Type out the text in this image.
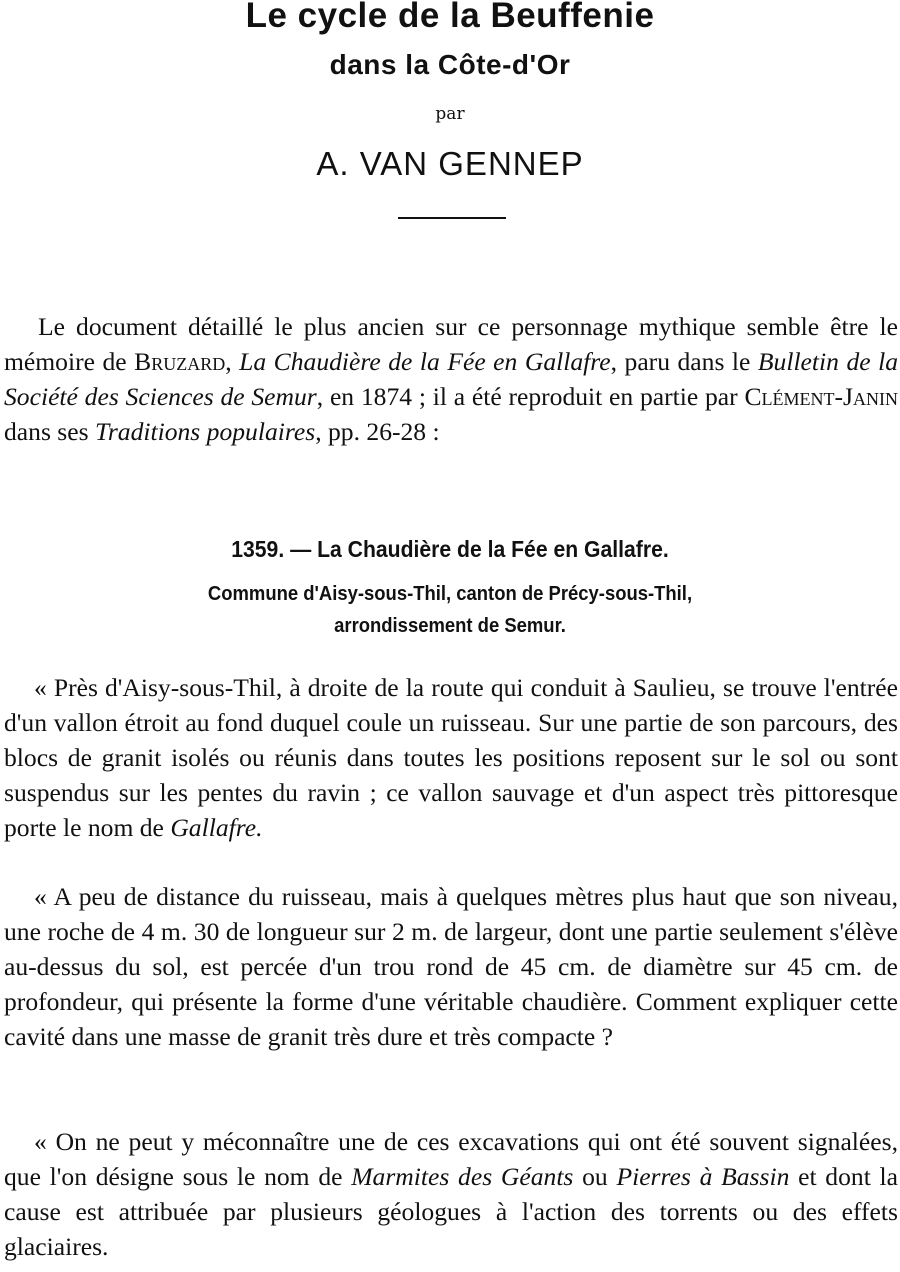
Le cycle de la Beuffenie
dans la Côte-d'Or
par
A. VAN GENNEP

Le document détaillé le plus ancien sur ce personnage mythique semble être le mémoire de Bruzard, La Chaudière de la Fée en Gallafre, paru dans le Bulletin de la Société des Sciences de Semur, en 1874 ; il a été reproduit en partie par Clément-Janin dans ses Traditions populaires, pp. 26-28 :

1359. — La Chaudière de la Fée en Gallafre.
Commune d'Aisy-sous-Thil, canton de Précy-sous-Thil,
arrondissement de Semur.

« Près d'Aisy-sous-Thil, à droite de la route qui conduit à Saulieu, se trouve l'entrée d'un vallon étroit au fond duquel coule un ruisseau. Sur une partie de son parcours, des blocs de granit isolés ou réunis dans toutes les positions reposent sur le sol ou sont suspendus sur les pentes du ravin ; ce vallon sauvage et d'un aspect très pittoresque porte le nom de Gallafre.

« A peu de distance du ruisseau, mais à quelques mètres plus haut que son niveau, une roche de 4 m. 30 de longueur sur 2 m. de largeur, dont une partie seulement s'élève au-dessus du sol, est percée d'un trou rond de 45 cm. de diamètre sur 45 cm. de profondeur, qui présente la forme d'une véritable chaudière. Comment expliquer cette cavité dans une masse de granit très dure et très compacte ?

« On ne peut y méconnaître une de ces excavations qui ont été souvent signalées, que l'on désigne sous le nom de Marmites des Géants ou Pierres à Bassin et dont la cause est attribuée par plusieurs géologues à l'action des torrents ou des effets glaciaires.
